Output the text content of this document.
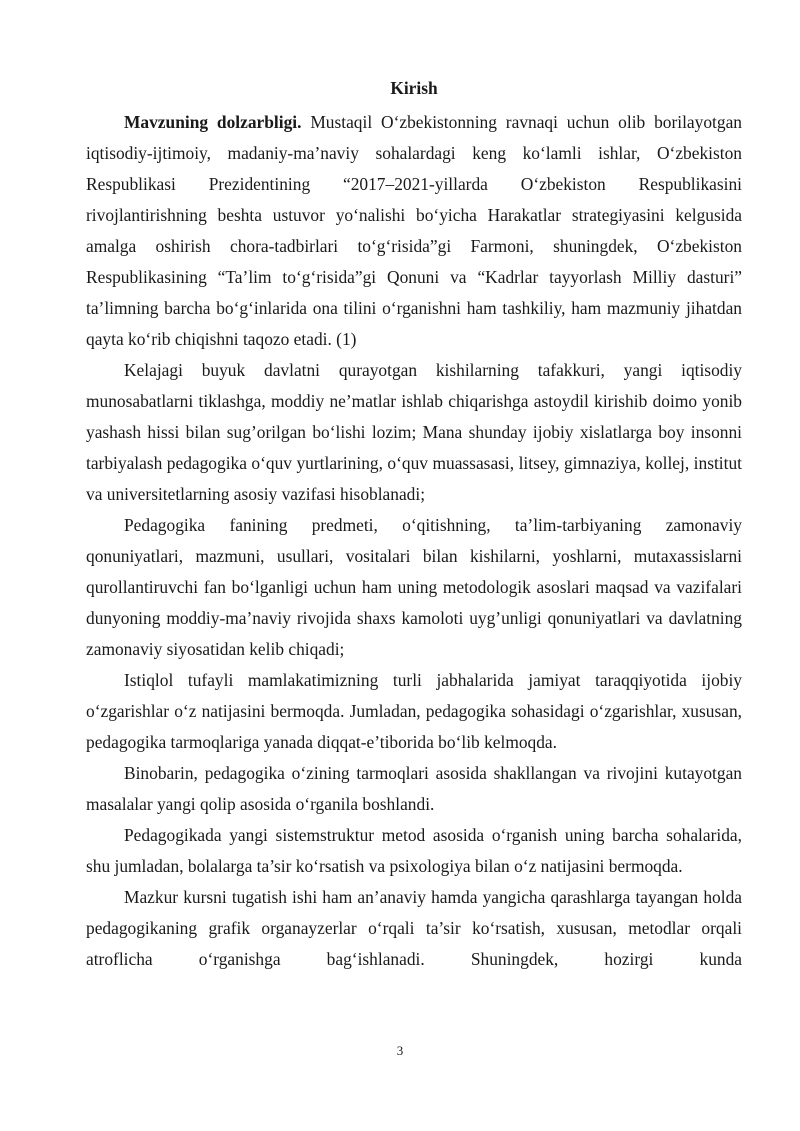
Kirish

Mavzuning dolzarbligi. Mustaqil O‘zbekistonning ravnaqi uchun olib borilayotgan iqtisodiy-ijtimoiy, madaniy-ma’naviy sohalardagi keng ko‘lamli ishlar, O‘zbekiston Respublikasi Prezidentining “2017–2021-yillarda O‘zbekiston Respublikasini rivojlantirishning beshta ustuvor yo‘nalishi bo‘yicha Harakatlar strategiyasini kelgusida amalga oshirish chora-tadbirlari to‘g‘risida”gi Farmoni, shuningdek, O‘zbekiston Respublikasining “Ta’lim to‘g‘risida”gi Qonuni va “Kadrlar tayyorlash Milliy dasturi” ta’limning barcha bo‘g‘inlarida ona tilini o‘rganishni ham tashkiliy, ham mazmuniy jihatdan qayta ko‘rib chiqishni taqozo etadi. (1)

Kelajagi buyuk davlatni qurayotgan kishilarning tafakkuri, yangi iqtisodiy munosabatlarni tiklashga, moddiy ne’matlar ishlab chiqarishga astoydil kirishib doimo yonib yashash hissi bilan sug’orilgan bo‘lishi lozim; Mana shunday ijobiy xislatlarga boy insonni tarbiyalash pedagogika o‘quv yurtlarining, o‘quv muassasasi, litsey, gimnaziya, kollej, institut va universitetlarning asosiy vazifasi hisoblanadi;

Pedagogika fanining predmeti, o‘qitishning, ta’lim-tarbiyaning zamonaviy qonuniyatlari, mazmuni, usullari, vositalari bilan kishilarni, yoshlarni, mutaxassislarni qurollantiruvchi fan bo‘lganligi uchun ham uning metodologik asoslari maqsad va vazifalari dunyoning moddiy-ma’naviy rivojida shaxs kamoloti uyg’unligi qonuniyatlari va davlatning zamonaviy siyosatidan kelib chiqadi;

Istiqlol tufayli mamlakatimizning turli jabhalarida jamiyat taraqqiyotida ijobiy o‘zgarishlar o‘z natijasini bermoqda. Jumladan, pedagogika sohasidagi o‘zgarishlar, xususan, pedagogika tarmoqlariga yanada diqqat-e’tiborida bo‘lib kelmoqda.

Binobarin, pedagogika o‘zining tarmoqlari asosida shakllangan va rivojini kutayotgan masalalar yangi qolip asosida o‘rganila boshlandi.

Pedagogikada yangi sistemstruktur metod asosida o‘rganish uning barcha sohalarida, shu jumladan, bolalarga ta’sir ko‘rsatish va psixologiya bilan o‘z natijasini bermoqda.

Mazkur kursni tugatish ishi ham an’anaviy hamda yangicha qarashlarga tayangan holda pedagogikaning grafik organayzerlar o‘rqali ta’sir ko‘rsatish, xususan, metodlar orqali atroflicha o‘rganishga bag‘ishlanadi. Shuningdek, hozirgi kunda

3
